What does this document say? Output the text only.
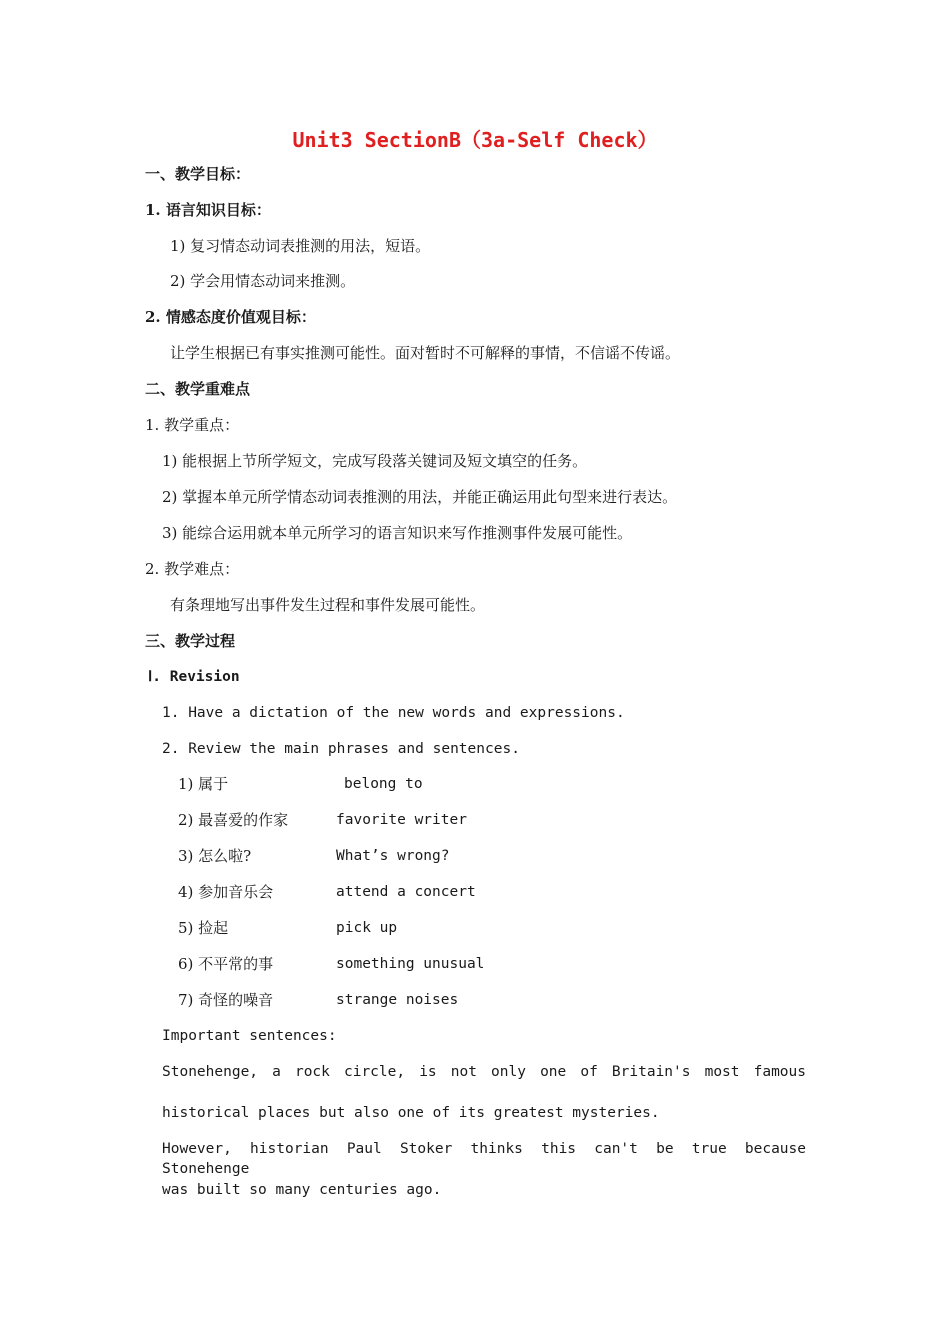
Unit3 SectionB（3a-Self Check）
一、教学目标：
1. 语言知识目标：
1) 复习情态动词表推测的用法，短语。
2) 学会用情态动词来推测。
2. 情感态度价值观目标：
让学生根据已有事实推测可能性。面对暂时不可解释的事情，不信谣不传谣。
二、教学重难点
1. 教学重点：
1) 能根据上节所学短文，完成写段落关键词及短文填空的任务。
2) 掌握本单元所学情态动词表推测的用法，并能正确运用此句型来进行表达。
3) 能综合运用就本单元所学习的语言知识来写作推测事件发展可能性。
2. 教学难点：
有条理地写出事件发生过程和事件发展可能性。
三、教学过程
Ⅰ. Revision
1. Have a dictation of the new words and expressions.
2. Review the main phrases and sentences.
1) 属于	belong to
2) 最喜爱的作家	favorite writer
3) 怎么啦?	What’s wrong?
4) 参加音乐会	attend a concert
5) 捡起	pick up
6) 不平常的事	something unusual
7) 奇怪的噪音	strange noises
Important sentences:
Stonehenge, a rock circle, is not only one of Britain's most famous
historical places but also one of its greatest mysteries.
However, historian Paul Stoker thinks this can't be true because Stonehenge
was built so many centuries ago.
